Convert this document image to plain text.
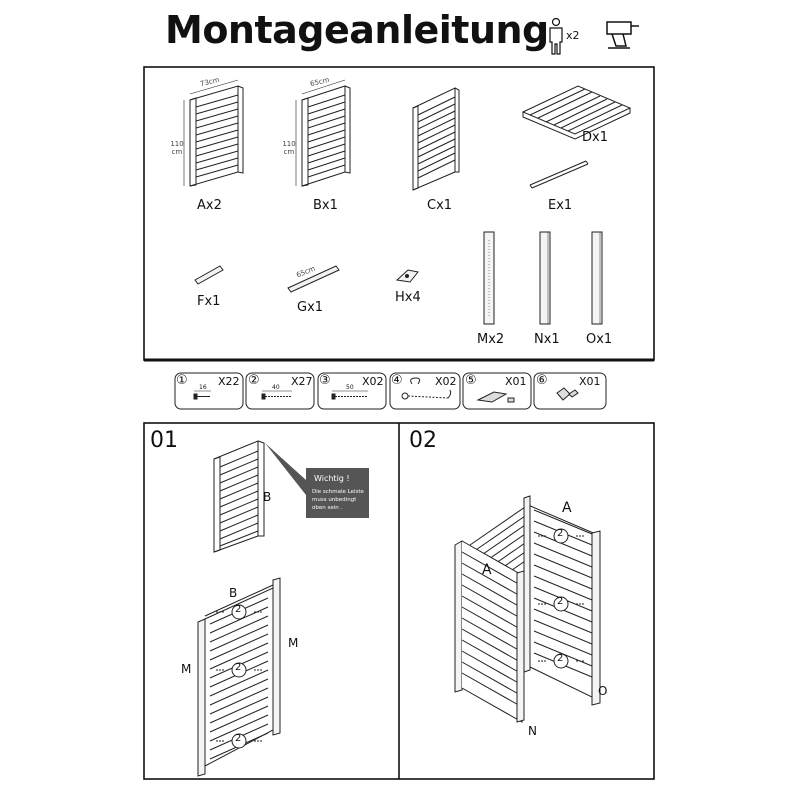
Montageanleitung
Ax2
73cm
110 cm
Bx1
65cm
110 cm
Cx1
Dx1
Ex1
Fx1	Gx1
65cm
Hx4
Mx2 Nx1 Ox1
x2
①	X22
16	②	X27
40	③	X02
50	④	X02 ⑤	X01 ⑥	X01
01
Wichtig !
Die schmale Leiste muss unbedingt oben sein .
B
B
M
M
2
2
2
02
A
A
N
O
2
2
2
